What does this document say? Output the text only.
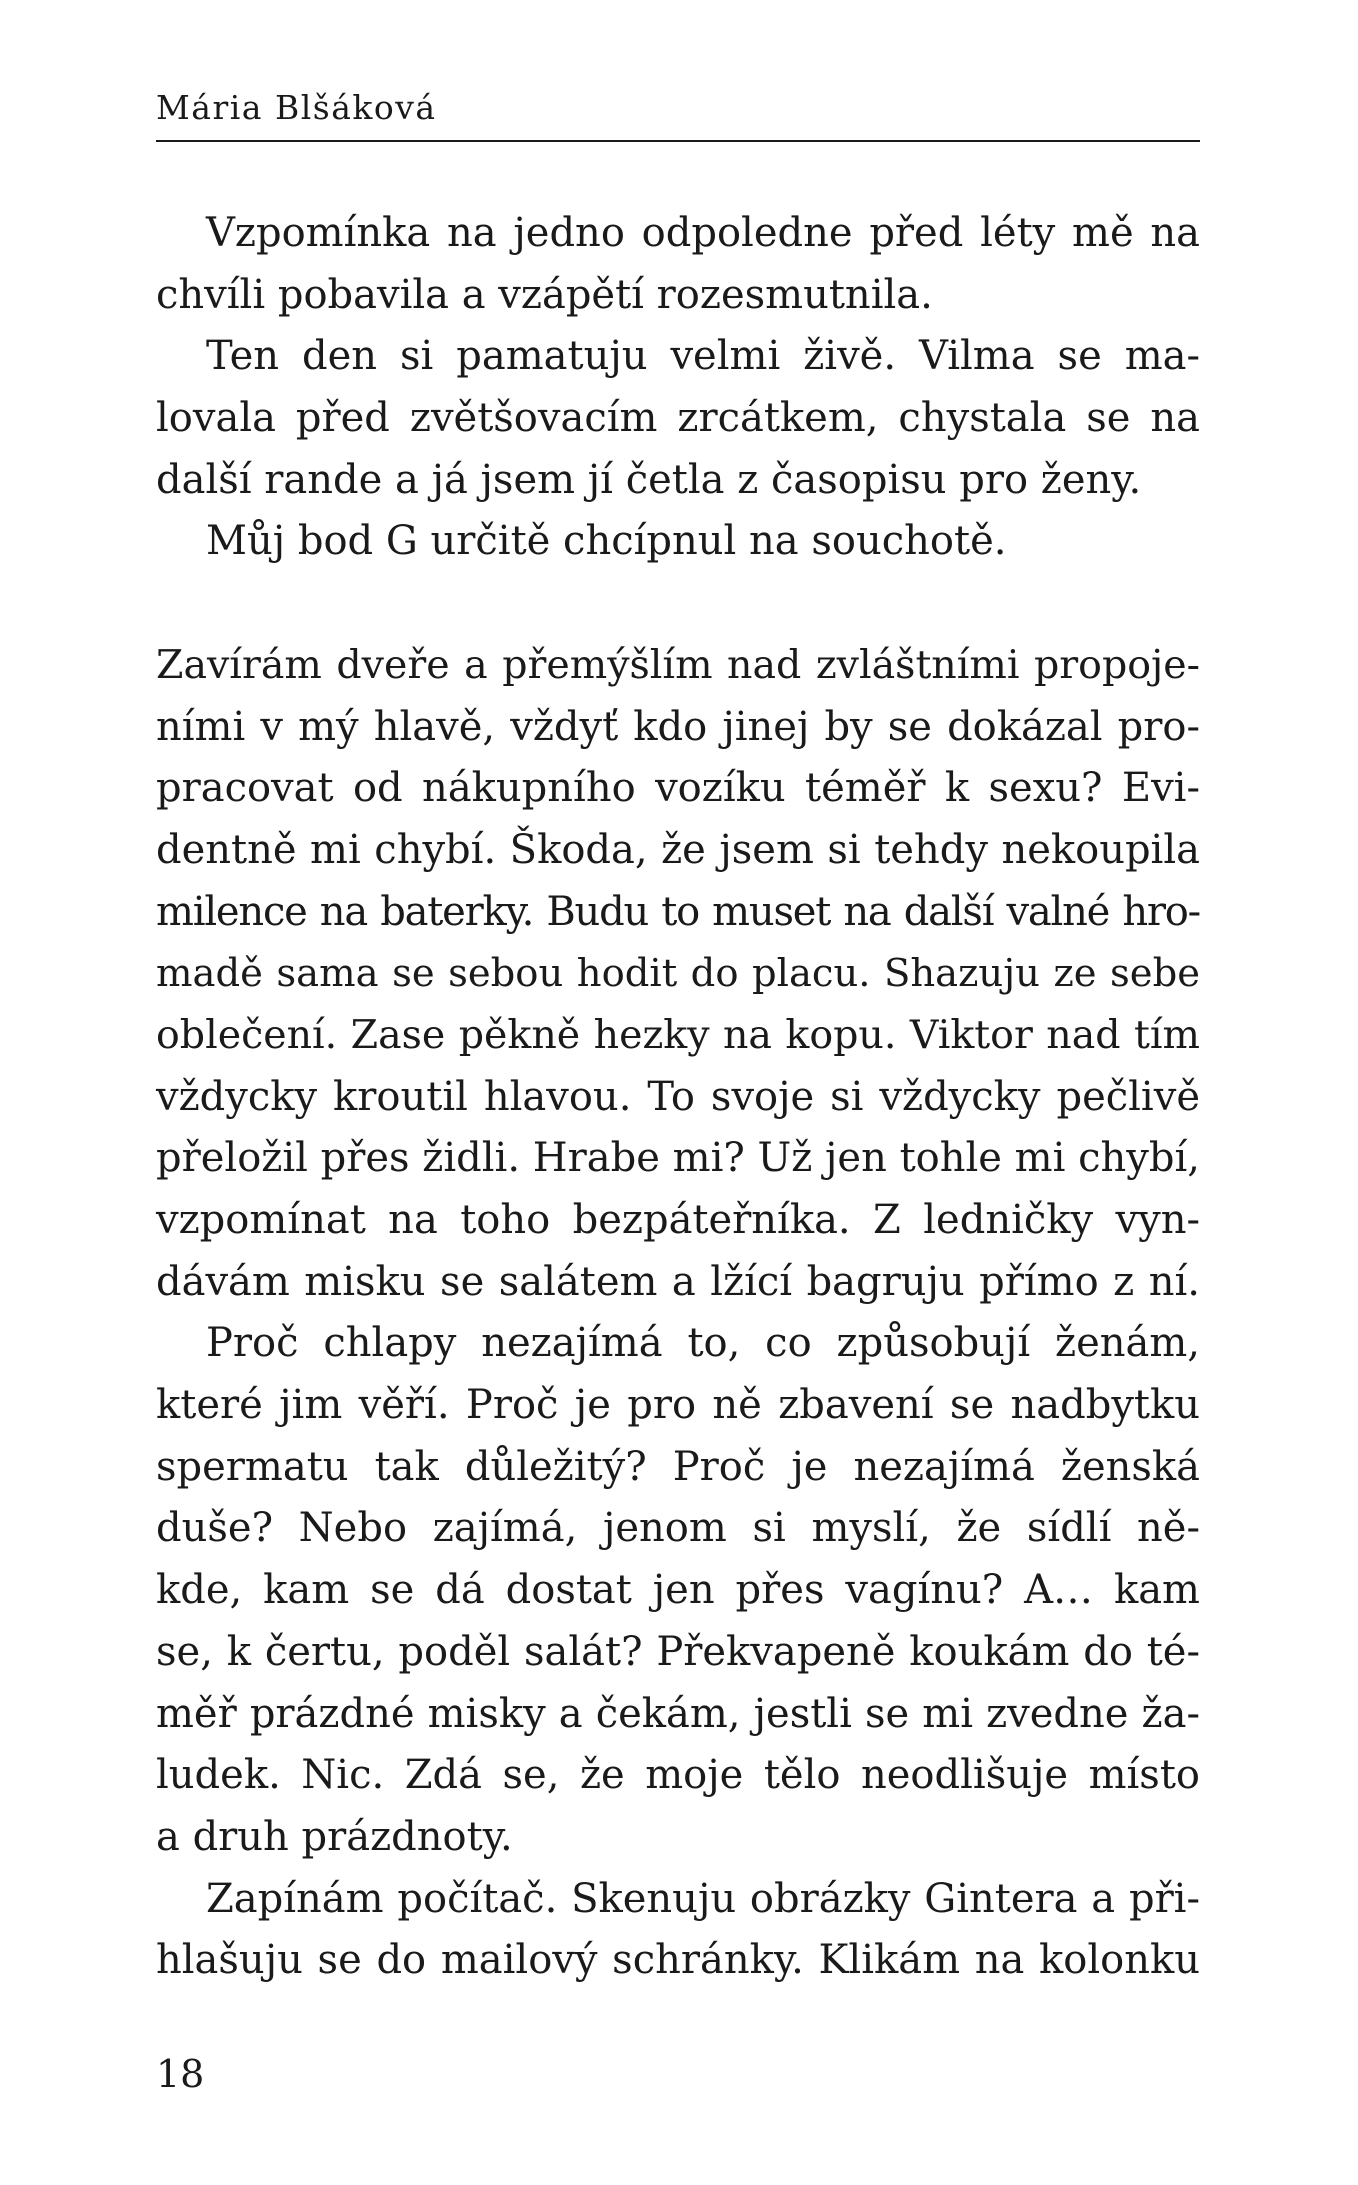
Mária Blšáková
Vzpomínka na jedno odpoledne před léty mě na
chvíli pobavila a vzápětí rozesmutnila.
Ten den si pamatuju velmi živě. Vilma se ma-
lovala před zvětšovacím zrcátkem, chystala se na
další rande a já jsem jí četla z časopisu pro ženy.
Můj bod G určitě chcípnul na souchotě.
Zavírám dveře a přemýšlím nad zvláštními propoje-
ními v mý hlavě, vždyť kdo jinej by se dokázal pro-
pracovat od nákupního vozíku téměř k sexu? Evi-
dentně mi chybí. Škoda, že jsem si tehdy nekoupila
milence na baterky. Budu to muset na další valné hro-
madě sama se sebou hodit do placu. Shazuju ze sebe
oblečení. Zase pěkně hezky na kopu. Viktor nad tím
vždycky kroutil hlavou. To svoje si vždycky pečlivě
přeložil přes židli. Hrabe mi? Už jen tohle mi chybí,
vzpomínat na toho bezpáteřníka. Z ledničky vyn-
dávám misku se salátem a lžící bagruju přímo z ní.
Proč chlapy nezajímá to, co způsobují ženám,
které jim věří. Proč je pro ně zbavení se nadbytku
spermatu tak důležitý? Proč je nezajímá ženská
duše? Nebo zajímá, jenom si myslí, že sídlí ně-
kde, kam se dá dostat jen přes vagínu? A… kam
se, k čertu, poděl salát? Překvapeně koukám do té-
měř prázdné misky a čekám, jestli se mi zvedne ža-
ludek. Nic. Zdá se, že moje tělo neodlišuje místo
a druh prázdnoty.
Zapínám počítač. Skenuju obrázky Gintera a při-
hlašuju se do mailový schránky. Klikám na kolonku
18
